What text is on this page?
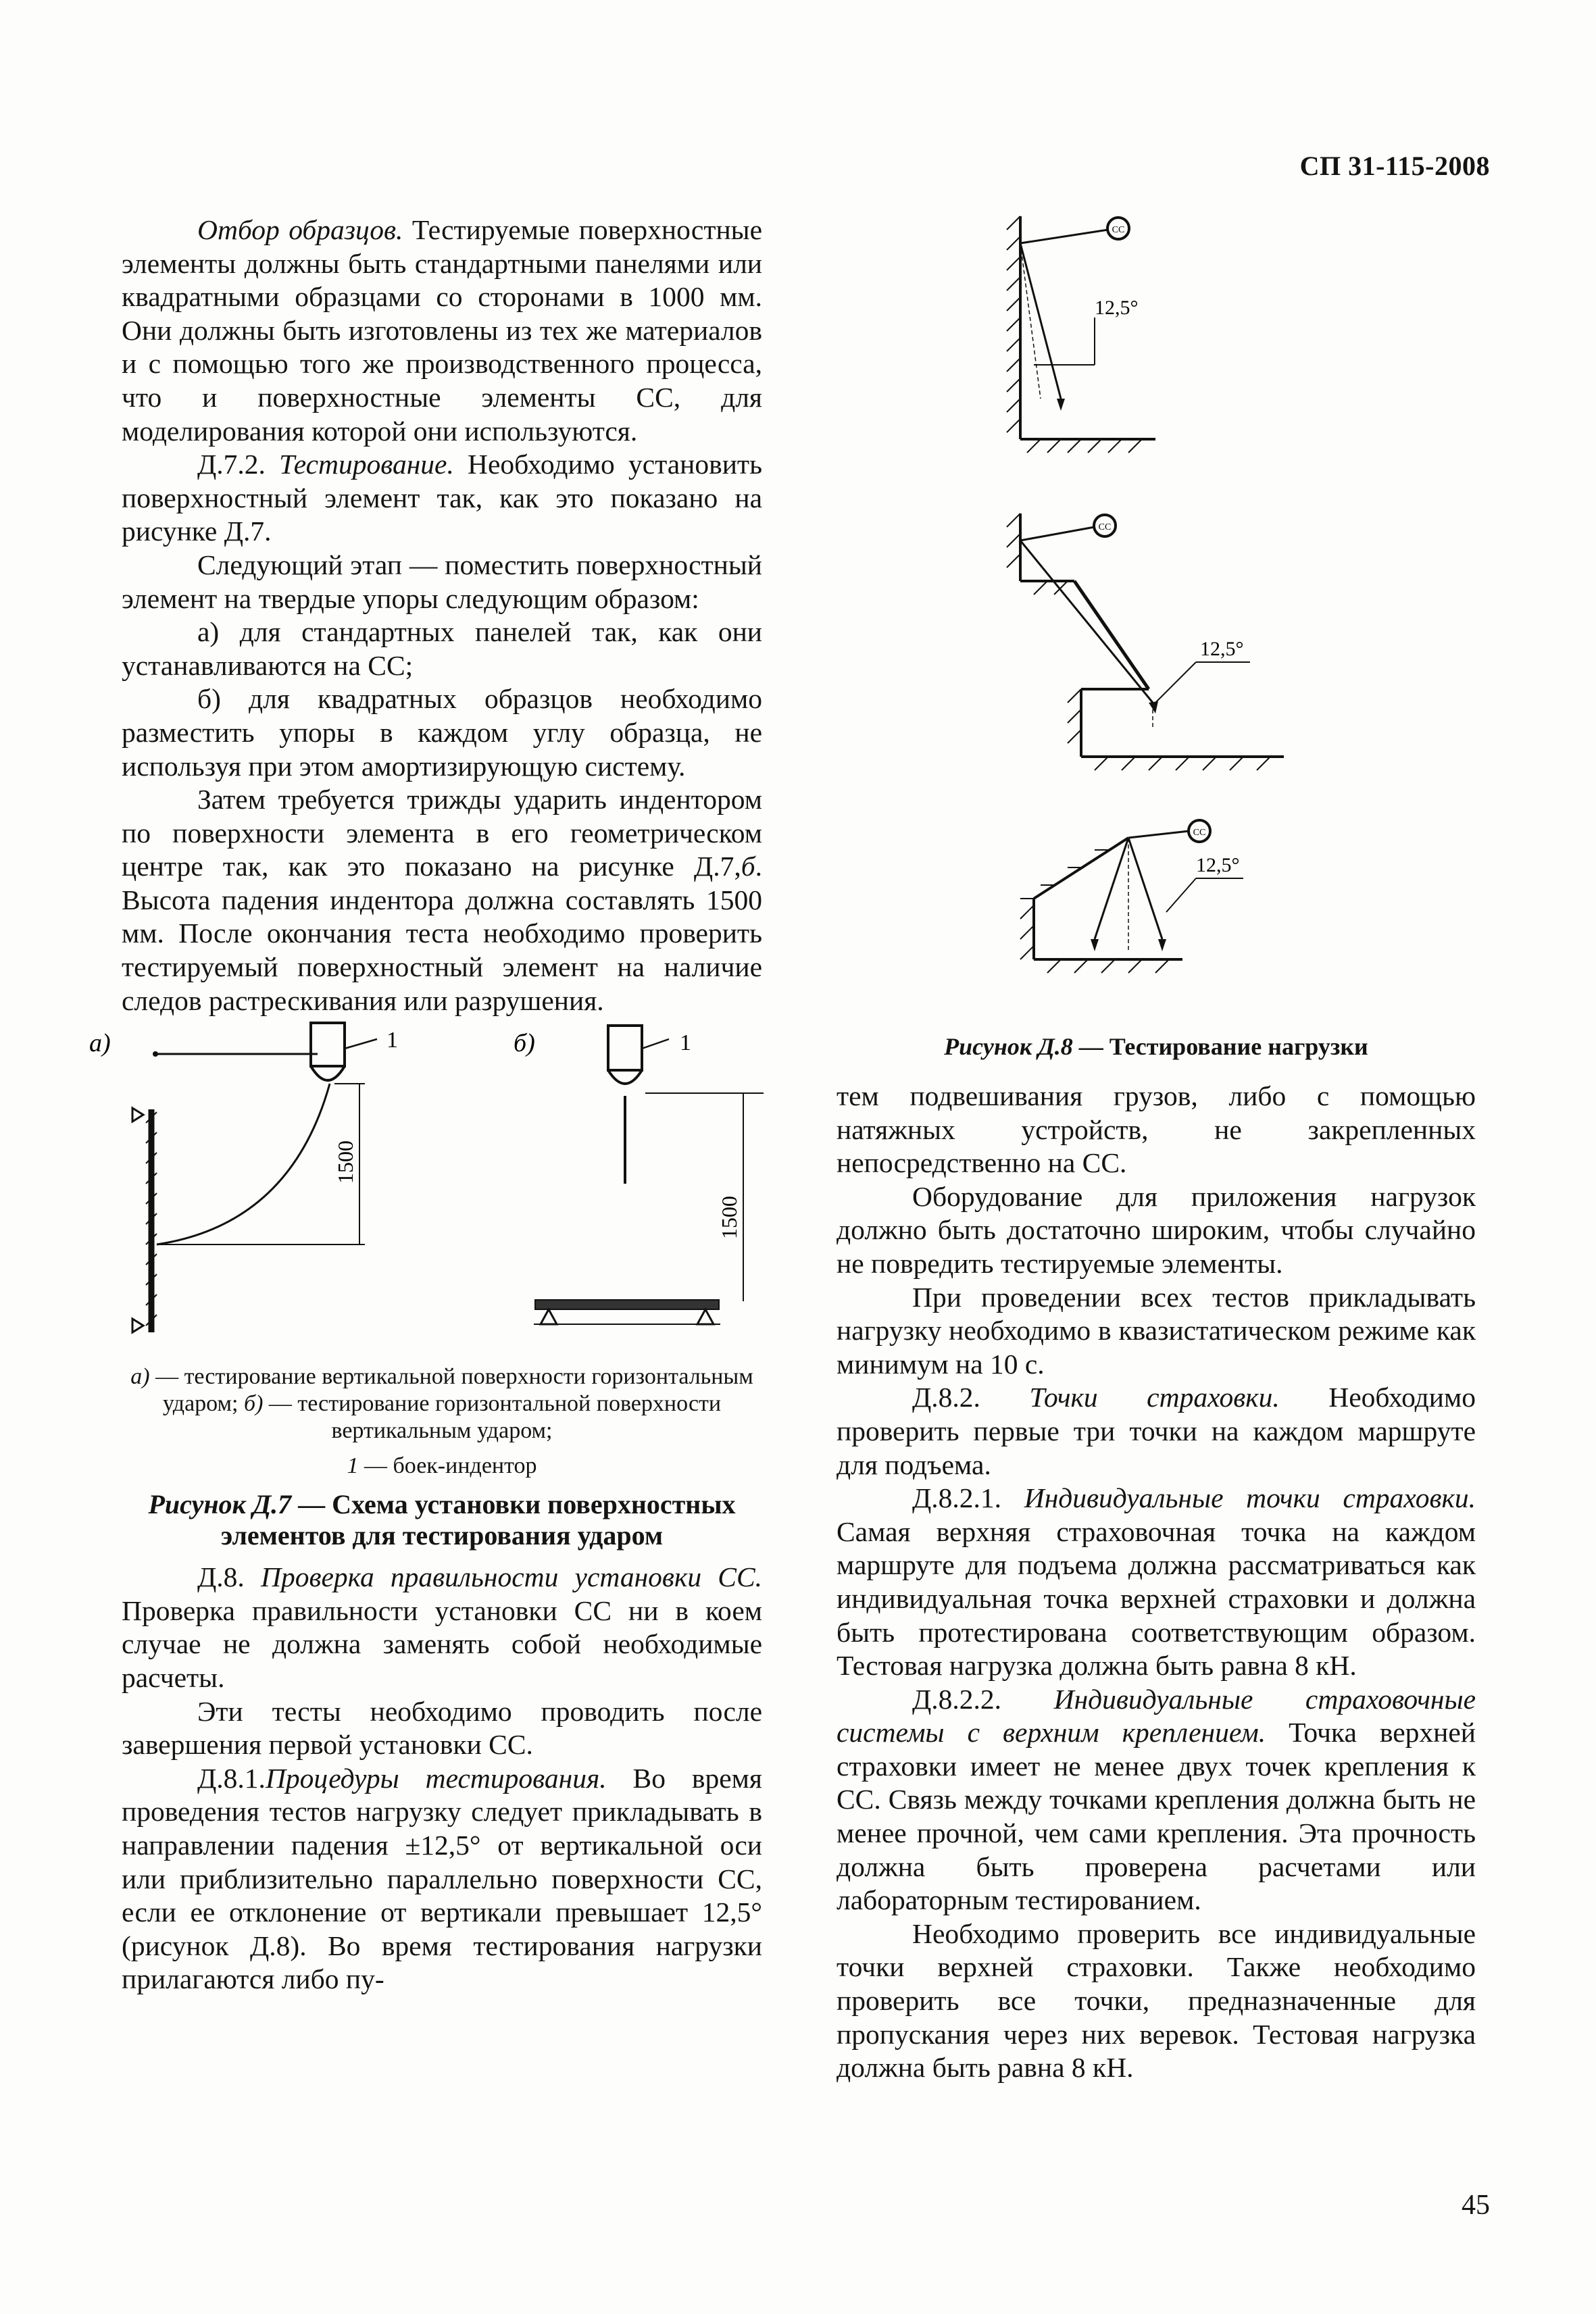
СП 31-115-2008

Отбор образцов. Тестируемые поверхностные элементы должны быть стандартными панелями или квадратными образцами со сторонами в 1000 мм. Они должны быть изготовлены из тех же материалов и с помощью того же производственного процесса, что и поверхностные элементы СС, для моделирования которой они используются.

Д.7.2. Тестирование. Необходимо установить поверхностный элемент так, как это показано на рисунке Д.7.

Следующий этап — поместить поверхностный элемент на твердые упоры следующим образом:

а) для стандартных панелей так, как они устанавливаются на СС;

б) для квадратных образцов необходимо разместить упоры в каждом углу образца, не используя при этом амортизирующую систему.

Затем требуется трижды ударить индентором по поверхности элемента в его геометрическом центре так, как это показано на рисунке Д.7,б. Высота падения индентора должна составлять 1500 мм. После окончания теста необходимо проверить тестируемый поверхностный элемент на наличие следов растрескивания или разрушения.

а)	1
1500
б)	1
1500
а) — тестирование вертикальной поверхности горизонтальным ударом; б) — тестирование горизонтальной поверхности вертикальным ударом;
1 — боек-индентор

Рисунок Д.7 — Схема установки поверхностных элементов для тестирования ударом

Д.8. Проверка правильности установки СС. Проверка правильности установки СС ни в коем случае не должна заменять собой необходимые расчеты.

Эти тесты необходимо проводить после завершения первой установки СС.

Д.8.1.Процедуры тестирования. Во время проведения тестов нагрузку следует прикладывать в направлении падения ±12,5° от вертикальной оси или приблизительно параллельно поверхности СС, если ее отклонение от вертикали превышает 12,5° (рисунок Д.8). Во время тестирования нагрузки прилагаются либо пу-

СС
12,5°
СС
12,5°
СС
12,5°
Рисунок Д.8 — Тестирование нагрузки

тем подвешивания грузов, либо с помощью натяжных устройств, не закрепленных непосредственно на СС.

Оборудование для приложения нагрузок должно быть достаточно широким, чтобы случайно не повредить тестируемые элементы.

При проведении всех тестов прикладывать нагрузку необходимо в квазистатическом режиме как минимум на 10 с.

Д.8.2. Точки страховки. Необходимо проверить первые три точки на каждом маршруте для подъема.

Д.8.2.1. Индивидуальные точки страховки. Самая верхняя страховочная точка на каждом маршруте для подъема должна рассматриваться как индивидуальная точка верхней страховки и должна быть протестирована соответствующим образом. Тестовая нагрузка должна быть равна 8 кН.

Д.8.2.2. Индивидуальные страховочные системы с верхним креплением. Точка верхней страховки имеет не менее двух точек крепления к СС. Связь между точками крепления должна быть не менее прочной, чем сами крепления. Эта прочность должна быть проверена расчетами или лабораторным тестированием.

Необходимо проверить все индивидуальные точки верхней страховки. Также необходимо проверить все точки, предназначенные для пропускания через них веревок. Тестовая нагрузка должна быть равна 8 кН.

45
